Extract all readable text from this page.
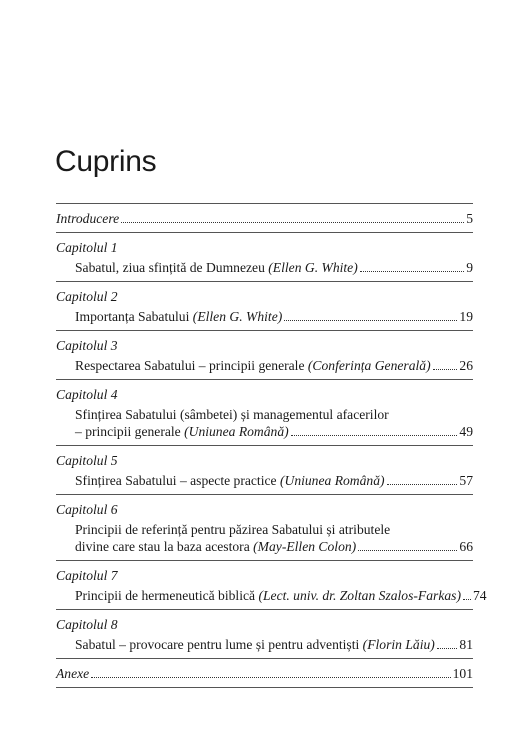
Cuprins
Introducere	5
Capitolul 1
Sabatul, ziua sfințită de Dumnezeu (Ellen G. White)	9
Capitolul 2
Importanța Sabatului (Ellen G. White)	19
Capitolul 3
Respectarea Sabatului – principii generale (Conferința Generală) 26
Capitolul 4
Sfințirea Sabatului (sâmbetei) și managementul afacerilor
– principii generale (Uniunea Română)	49
Capitolul 5
Sfințirea Sabatului – aspecte practice (Uniunea Română)	57
Capitolul 6
Principii de referință pentru păzirea Sabatului și atributele
divine care stau la baza acestora (May-Ellen Colon)	66
Capitolul 7
Principii de hermeneutică biblică (Lect. univ. dr. Zoltan Szalos-Farkas) 74
Capitolul 8
Sabatul – provocare pentru lume și pentru adventiști (Florin Lăiu) 81
Anexe	101
